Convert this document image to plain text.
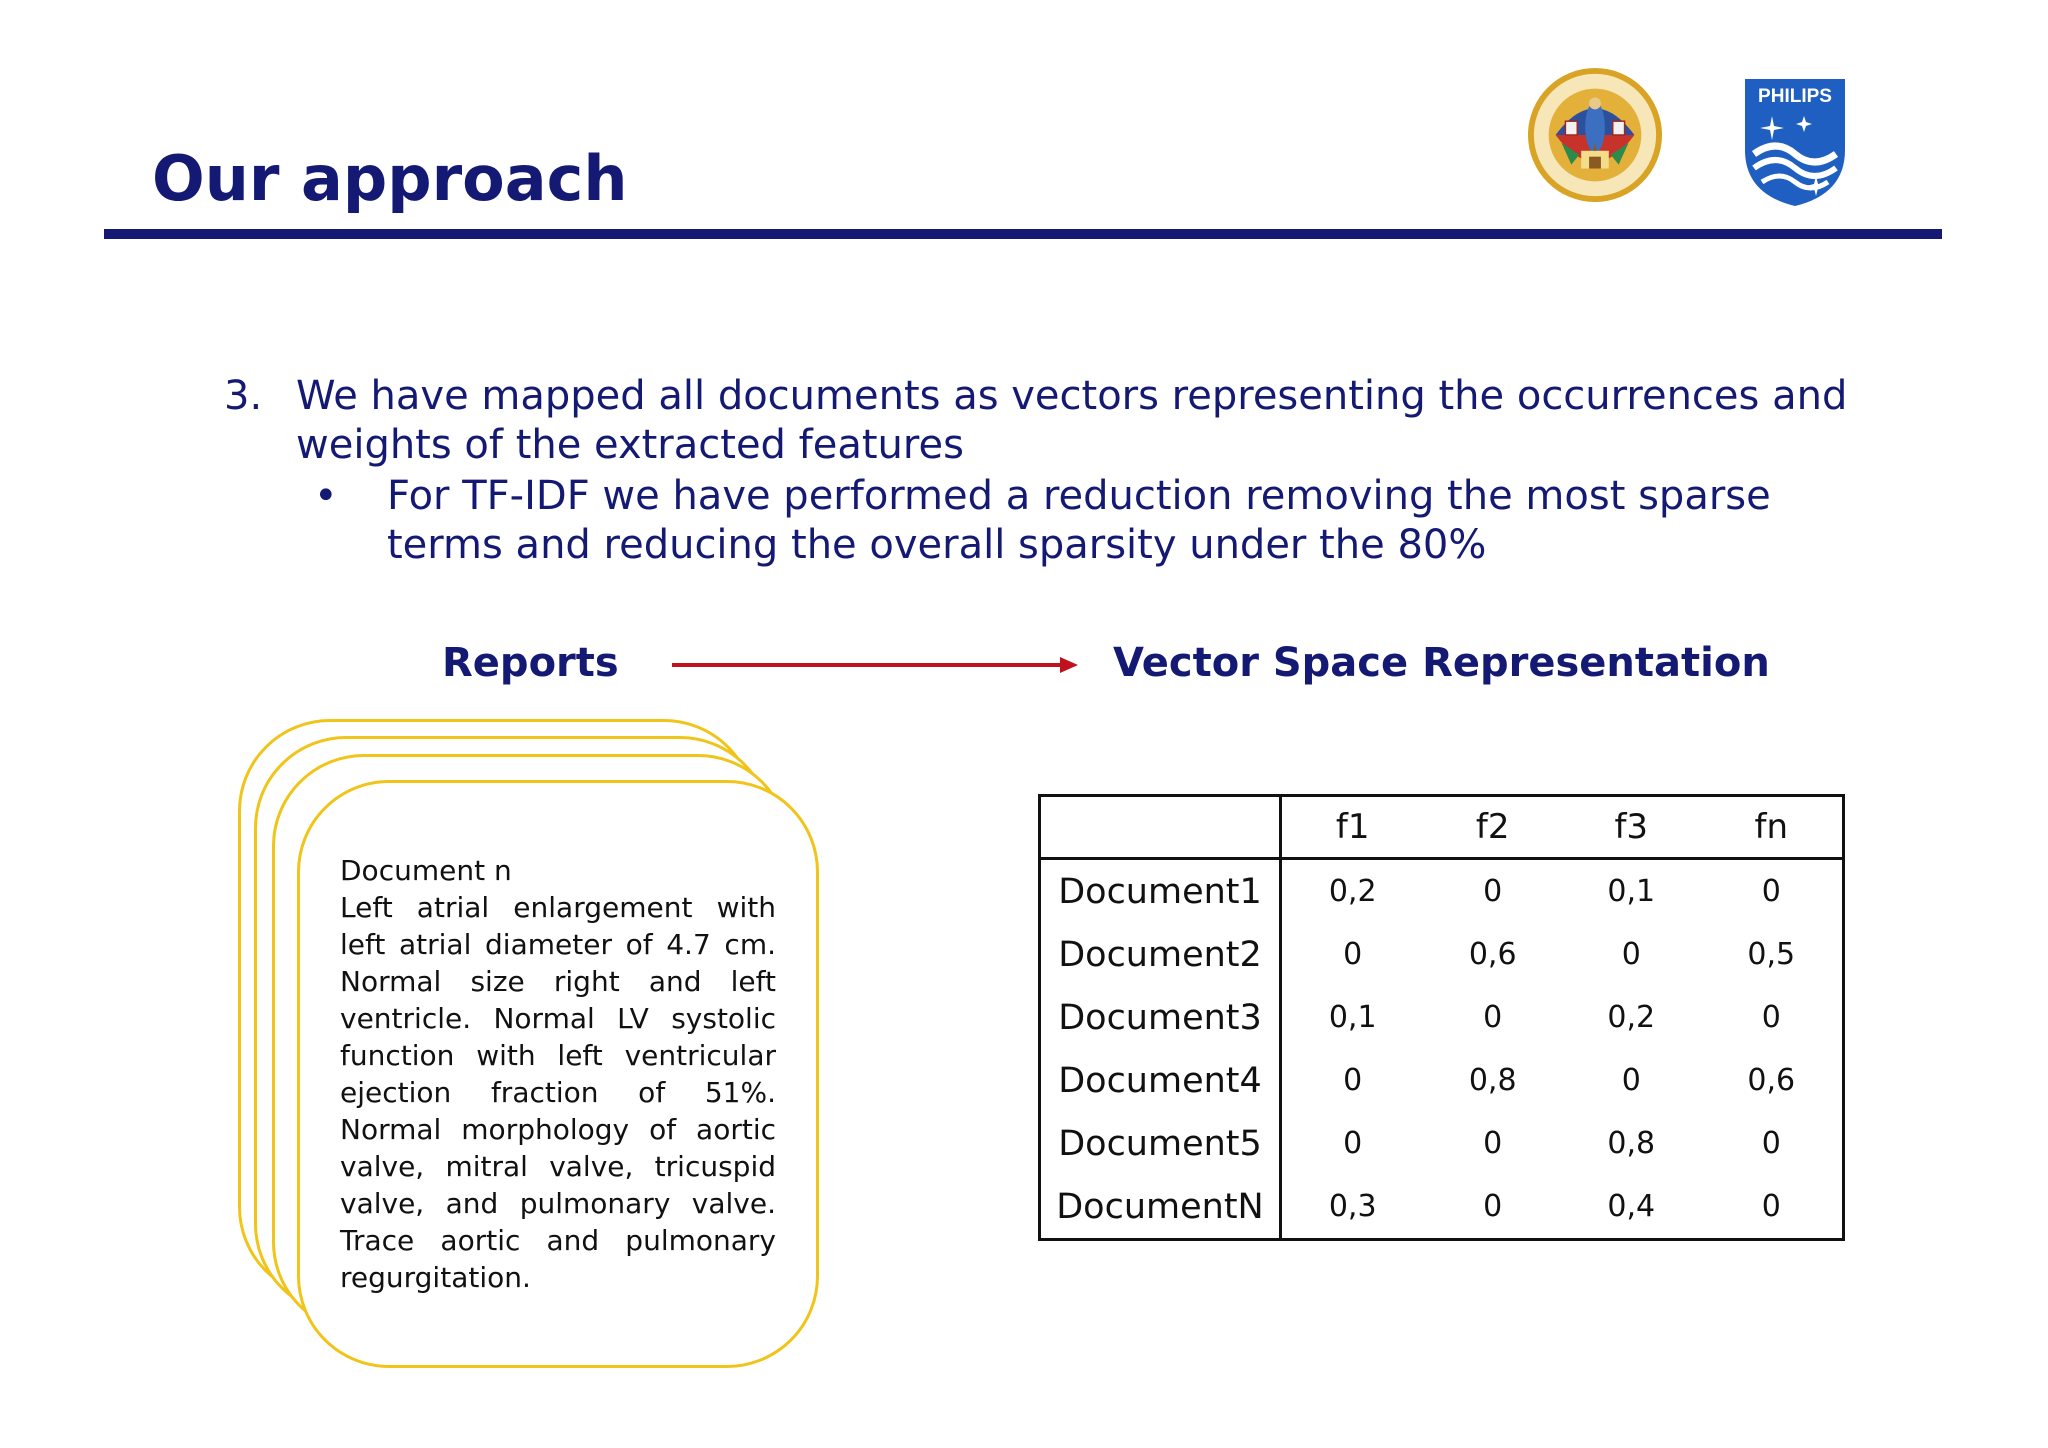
Our approach
PHILIPS
3. We have mapped all documents as vectors representing the occurrences and weights of the extracted features
• For TF-IDF we have performed a reduction removing the most sparse terms and reducing the overall sparsity under the 80%
Reports	Vector Space Representation
Document n
Left atrial enlargement with left atrial diameter of 4.7 cm. Normal size right and left ventricle. Normal LV systolic function with left ventricular ejection fraction of 51%. Normal morphology of aortic valve, mitral valve, tricuspid valve, and pulmonary valve. Trace aortic and pulmonary regurgitation.
	f1	f2	f3	fn
Document1	0,2	0	0,1	0
Document2	0	0,6	0	0,5
Document3	0,1	0	0,2	0
Document4	0	0,8	0	0,6
Document5	0	0	0,8	0
DocumentN	0,3	0	0,4	0
